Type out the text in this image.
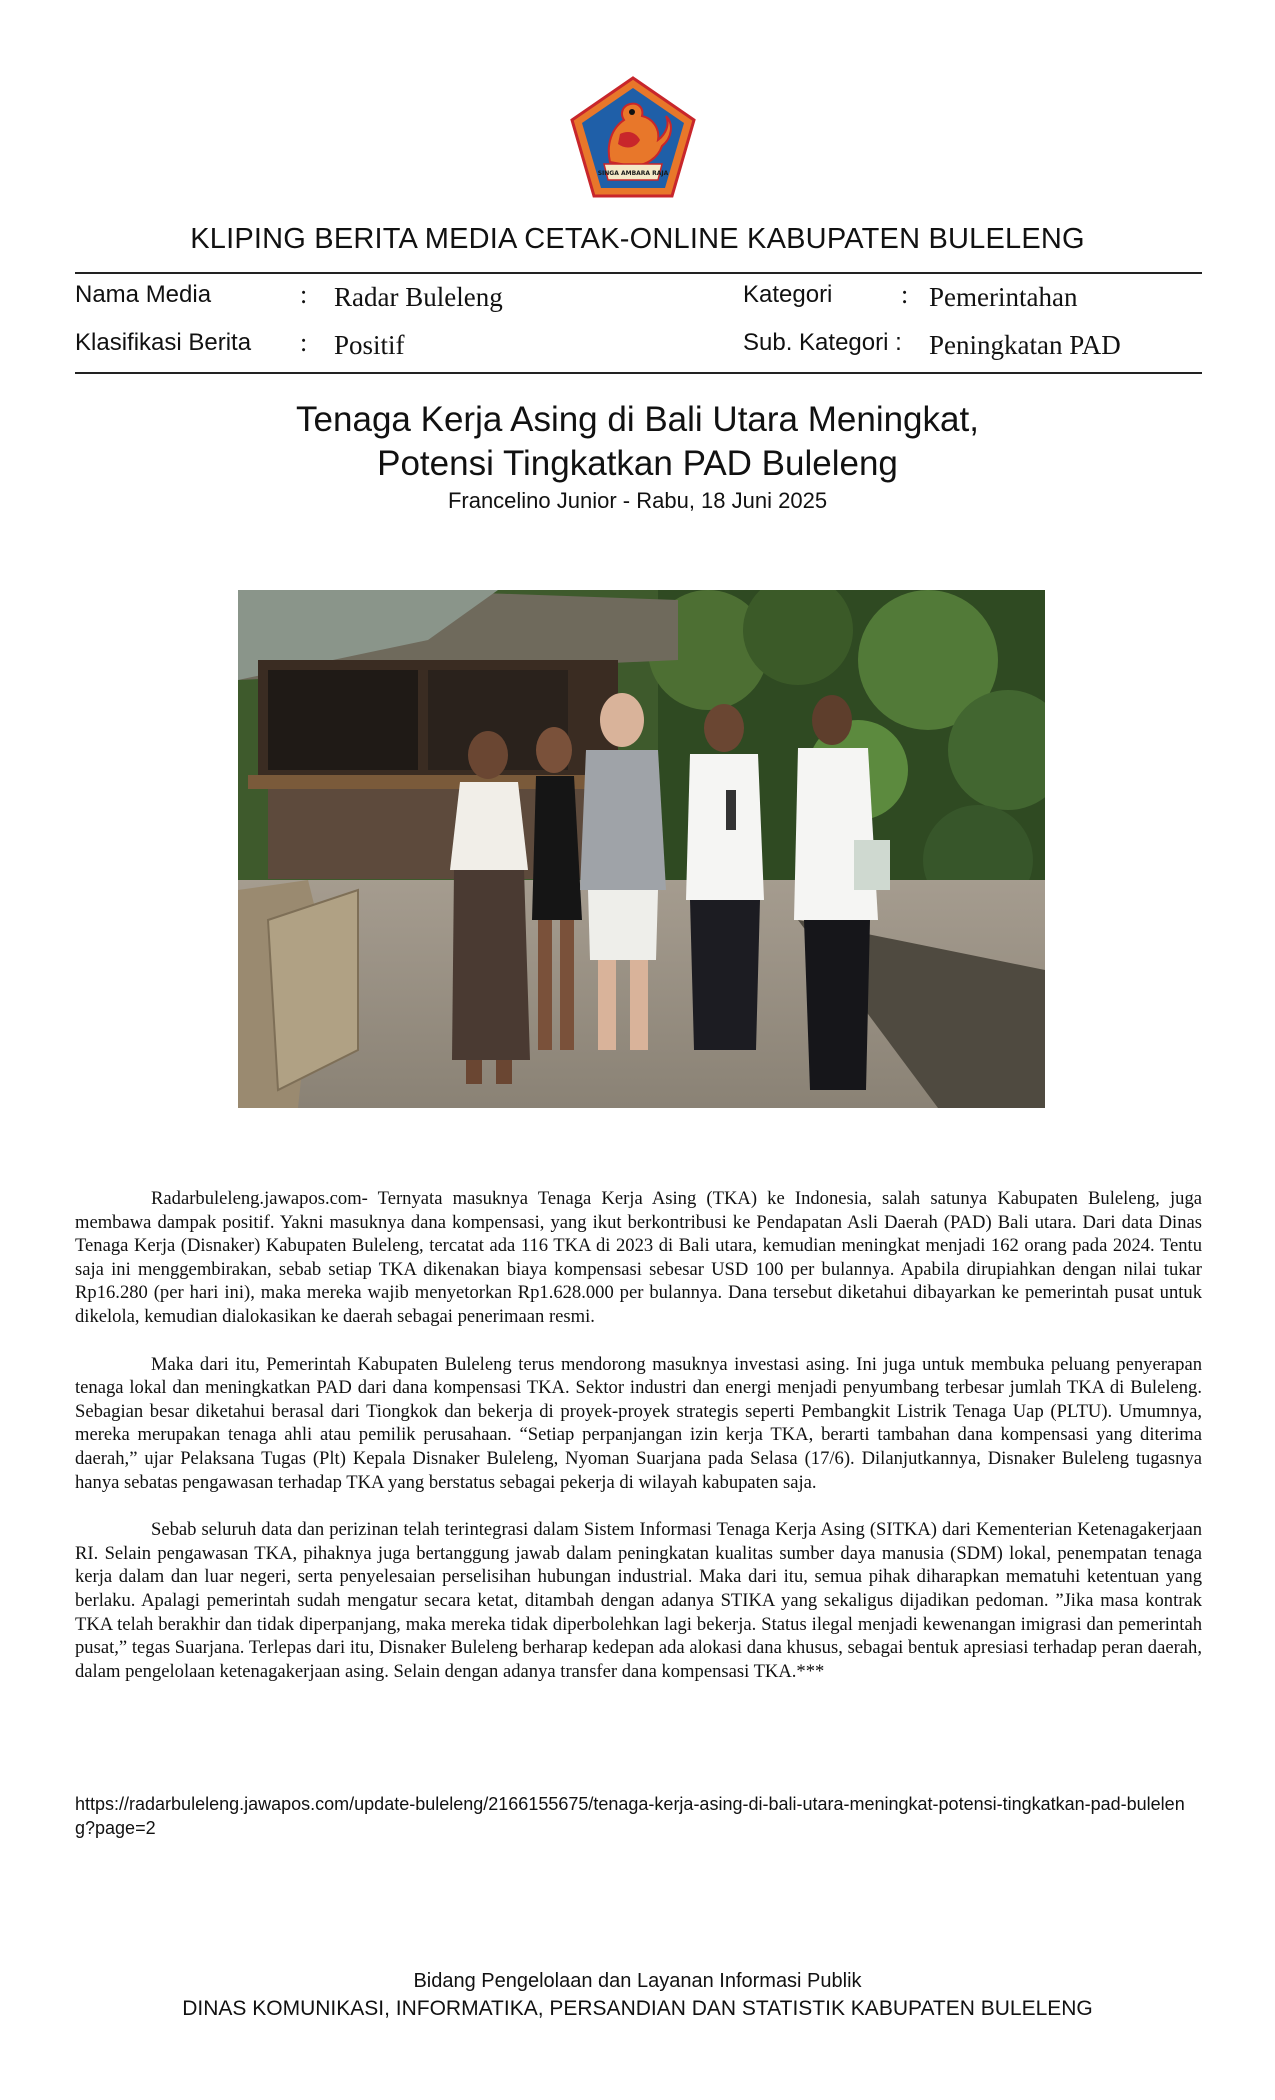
SINGA AMBARA RAJA
KLIPING BERITA MEDIA CETAK-ONLINE KABUPATEN BULELENG
Nama Media	: Radar Buleleng	Kategori	: Pemerintahan
Klasifikasi Berita : Positif	Sub. Kategori : Peningkatan PAD
Tenaga Kerja Asing di Bali Utara Meningkat,
Potensi Tingkatkan PAD Buleleng
Francelino Junior - Rabu, 18 Juni 2025

Radarbuleleng.jawapos.com- Ternyata masuknya Tenaga Kerja Asing (TKA) ke Indonesia, salah satunya Kabupaten Buleleng, juga membawa dampak positif. Yakni masuknya dana kompensasi, yang ikut berkontribusi ke Pendapatan Asli Daerah (PAD) Bali utara. Dari data Dinas Tenaga Kerja (Disnaker) Kabupaten Buleleng, tercatat ada 116 TKA di 2023 di Bali utara, kemudian meningkat menjadi 162 orang pada 2024. Tentu saja ini menggembirakan, sebab setiap TKA dikenakan biaya kompensasi sebesar USD 100 per bulannya. Apabila dirupiahkan dengan nilai tukar Rp16.280 (per hari ini), maka mereka wajib menyetorkan Rp1.628.000 per bulannya. Dana tersebut diketahui dibayarkan ke pemerintah pusat untuk dikelola, kemudian dialokasikan ke daerah sebagai penerimaan resmi.

Maka dari itu, Pemerintah Kabupaten Buleleng terus mendorong masuknya investasi asing. Ini juga untuk membuka peluang penyerapan tenaga lokal dan meningkatkan PAD dari dana kompensasi TKA. Sektor industri dan energi menjadi penyumbang terbesar jumlah TKA di Buleleng. Sebagian besar diketahui berasal dari Tiongkok dan bekerja di proyek-proyek strategis seperti Pembangkit Listrik Tenaga Uap (PLTU). Umumnya, mereka merupakan tenaga ahli atau pemilik perusahaan. “Setiap perpanjangan izin kerja TKA, berarti tambahan dana kompensasi yang diterima daerah,” ujar Pelaksana Tugas (Plt) Kepala Disnaker Buleleng, Nyoman Suarjana pada Selasa (17/6). Dilanjutkannya, Disnaker Buleleng tugasnya hanya sebatas pengawasan terhadap TKA yang berstatus sebagai pekerja di wilayah kabupaten saja.

Sebab seluruh data dan perizinan telah terintegrasi dalam Sistem Informasi Tenaga Kerja Asing (SITKA) dari Kementerian Ketenagakerjaan RI. Selain pengawasan TKA, pihaknya juga bertanggung jawab dalam peningkatan kualitas sumber daya manusia (SDM) lokal, penempatan tenaga kerja dalam dan luar negeri, serta penyelesaian perselisihan hubungan industrial. Maka dari itu, semua pihak diharapkan mematuhi ketentuan yang berlaku. Apalagi pemerintah sudah mengatur secara ketat, ditambah dengan adanya STIKA yang sekaligus dijadikan pedoman. ”Jika masa kontrak TKA telah berakhir dan tidak diperpanjang, maka mereka tidak diperbolehkan lagi bekerja. Status ilegal menjadi kewenangan imigrasi dan pemerintah pusat,” tegas Suarjana. Terlepas dari itu, Disnaker Buleleng berharap kedepan ada alokasi dana khusus, sebagai bentuk apresiasi terhadap peran daerah, dalam pengelolaan ketenagakerjaan asing. Selain dengan adanya transfer dana kompensasi TKA.***

https://radarbuleleng.jawapos.com/update-buleleng/2166155675/tenaga-kerja-asing-di-bali-utara-meningkat-potensi-tingkatkan-pad-buleleng?page=2
Bidang Pengelolaan dan Layanan Informasi Publik
DINAS KOMUNIKASI, INFORMATIKA, PERSANDIAN DAN STATISTIK KABUPATEN BULELENG
